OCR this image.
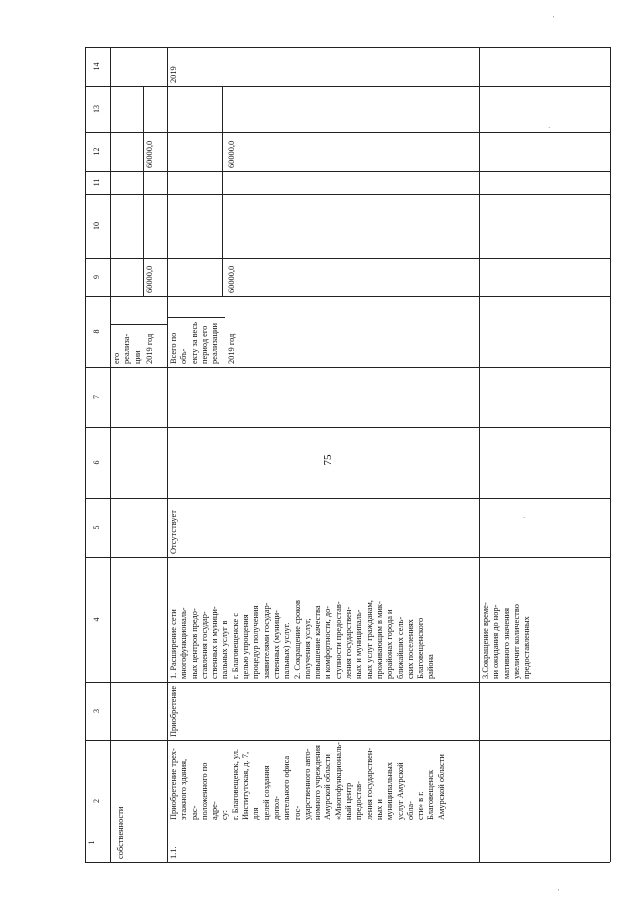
75
1
2
3
4
5
6
7
8
9
10
11
12
13
14
собственности
его реализа-
ции 2019 год
60000,0
60000,0
1.1.
Приобретение трех-
этажного здания, рас-
положенного по адре-
су:
г. Благовещенск, ул.
Институтская, д. 7, для
целей создания допол-
нительного офиса гос-
ударственного авто-
номного учреждения
Амурской области
«Многофункциональ-
ный центр предостав-
ления государствен-
ных и муниципальных
услуг Амурской обла-
сти» в г. Благовещенск
Амурской области
Приобретение
1. Расширение сети
многофункциональ-
ных центров предо-
ставления государ-
ственных и муници-
пальных услуг в
г. Благовещенске с
целью упрощения
процедур получения
заявителями государ-
ственных (муници-
пальных) услуг.
2. Сокращение сроков
получения услуг,
повышение качества
и комфортности, до-
ступности предостав-
ления государствен-
ных и муниципаль-
ных услуг гражданам,
проживающим в мик-
рорайонах города и
ближайших сель-
ских поселениях
Благовещенского
района
Отсутствует
Всего по объ-
екту за весь
период его
реализации 2019 год
60000,0
60000,0
2019
3.Сокращение време-
ни ожидания до нор-
мативного значения
увеличит количество
предоставленных
'
·
·
'
